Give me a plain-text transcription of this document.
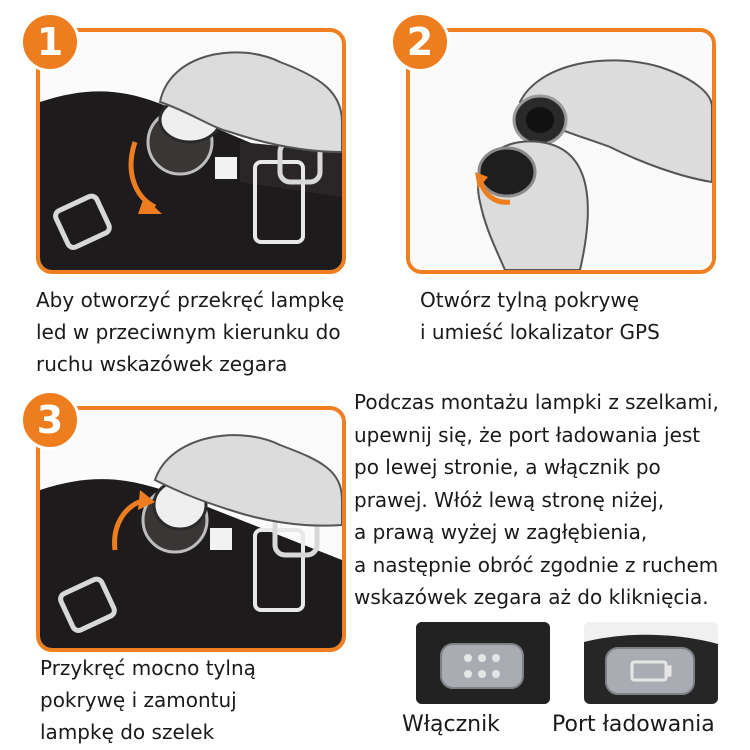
1
Aby otworzyć przekręć lampkę
led w przeciwnym kierunku do
ruchu wskazówek zegara
2
Otwórz tylną pokrywę
i umieść lokalizator GPS
3
Przykręć mocno tylną
pokrywę i zamontuj
lampkę do szelek
Podczas montażu lampki z szelkami,
upewnij się, że port ładowania jest
po lewej stronie, a włącznik po
prawej. Włóż lewą stronę niżej,
a prawą wyżej w zagłębienia,
a następnie obróć zgodnie z ruchem
wskazówek zegara aż do kliknięcia.
Włącznik Port ładowania
